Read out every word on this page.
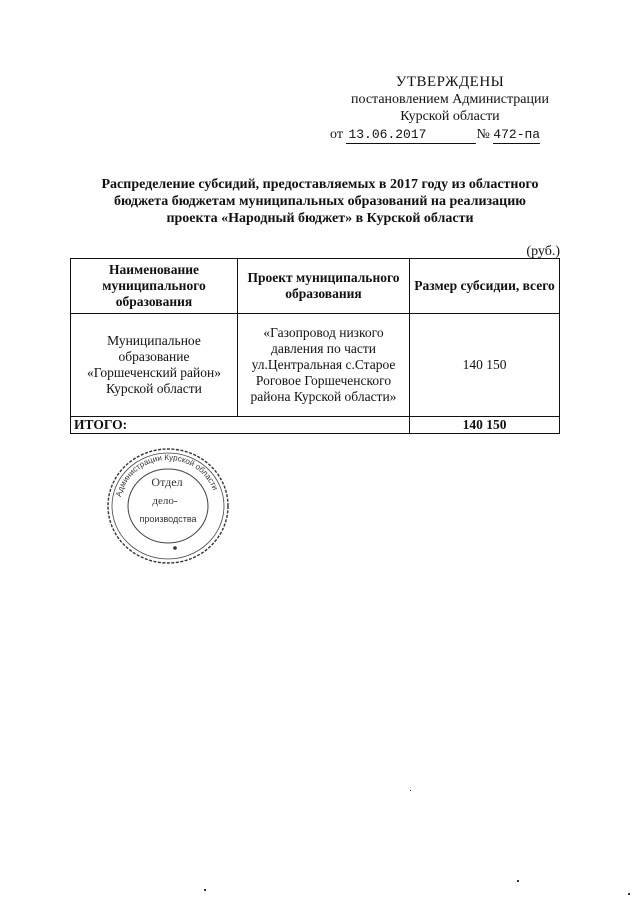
УТВЕРЖДЕНЫ
постановлением Администрации
Курской области
от 13.06.2017	№ 472-па
Распределение субсидий, предоставляемых в 2017 году из областного
бюджета бюджетам муниципальных образований на реализацию
проекта «Народный бюджет» в Курской области
(руб.)
Наименование муниципального образования	Проект муниципального образования	Размер субсидии, всего
Муниципальное образование «Горшеченский район» Курской области	«Газопровод низкого давления по части ул.Центральная с.Старое Роговое Горшеченского района Курской области»	140 150
ИТОГО:		140 150
Администрации Курской области
Отдел
дело-
производства
